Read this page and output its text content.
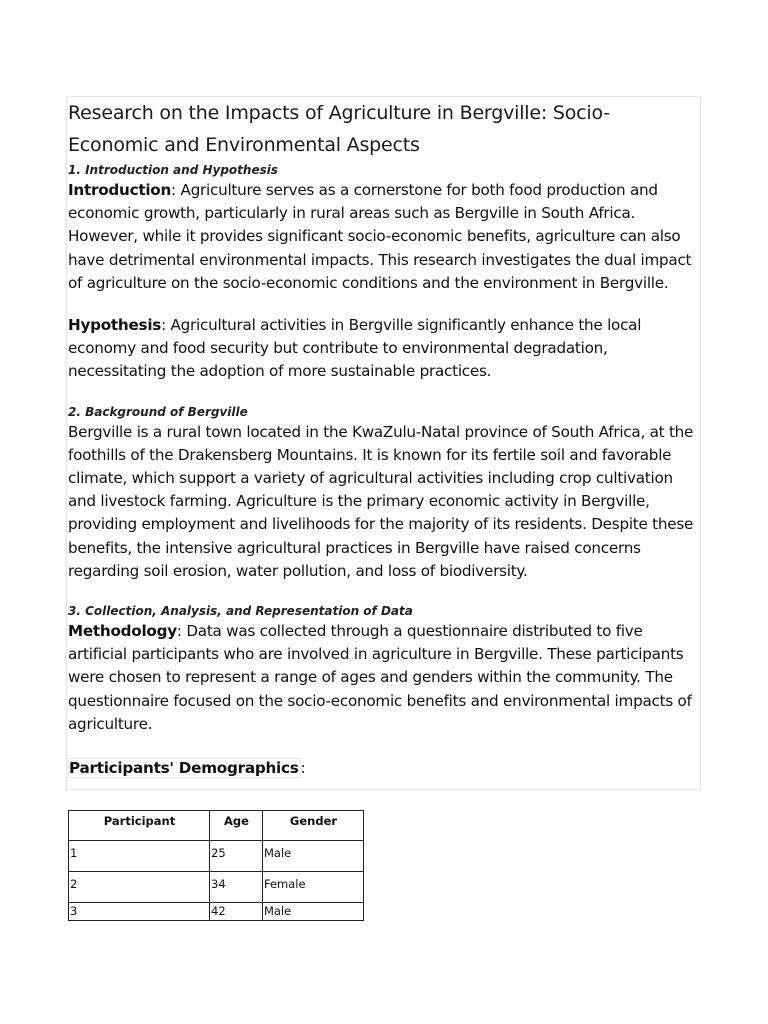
Research on the Impacts of Agriculture in Bergville: Socio-Economic and Environmental Aspects
1. Introduction and Hypothesis

Introduction: Agriculture serves as a cornerstone for both food production and economic growth, particularly in rural areas such as Bergville in South Africa. However, while it provides significant socio-economic benefits, agriculture can also have detrimental environmental impacts. This research investigates the dual impact of agriculture on the socio-economic conditions and the environment in Bergville.

Hypothesis: Agricultural activities in Bergville significantly enhance the local economy and food security but contribute to environmental degradation, necessitating the adoption of more sustainable practices.

2. Background of Bergville

Bergville is a rural town located in the KwaZulu-Natal province of South Africa, at the foothills of the Drakensberg Mountains. It is known for its fertile soil and favorable climate, which support a variety of agricultural activities including crop cultivation and livestock farming. Agriculture is the primary economic activity in Bergville, providing employment and livelihoods for the majority of its residents. Despite these benefits, the intensive agricultural practices in Bergville have raised concerns regarding soil erosion, water pollution, and loss of biodiversity.

3. Collection, Analysis, and Representation of Data

Methodology: Data was collected through a questionnaire distributed to five artificial participants who are involved in agriculture in Bergville. These participants were chosen to represent a range of ages and genders within the community. The questionnaire focused on the socio-economic benefits and environmental impacts of agriculture.

Participants' Demographics :

Participant	Age	Gender
1	25	Male
2	34	Female
3	42	Male
